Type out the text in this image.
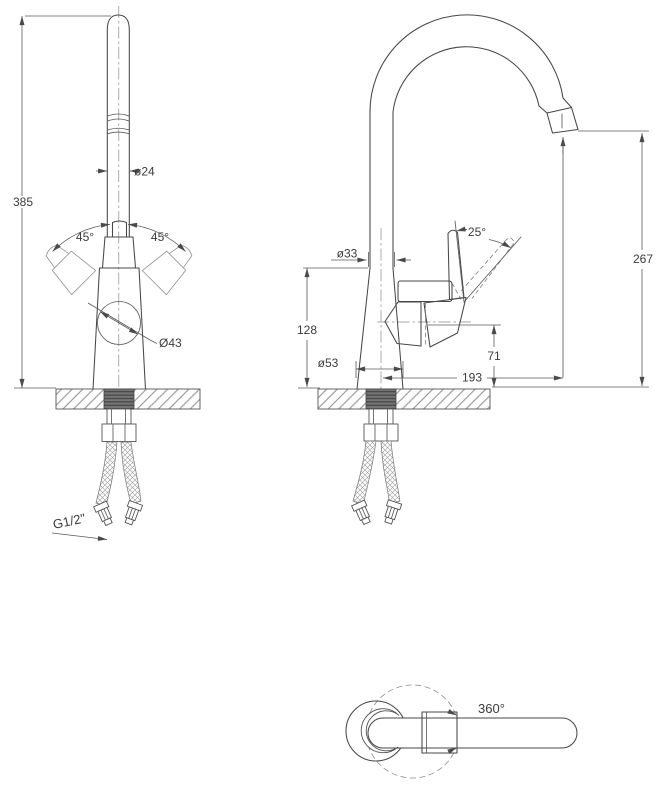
385
ø24
45°	45°
Ø43
G1/2"
ø33
25°
128
ø53	71
193
267
360°
